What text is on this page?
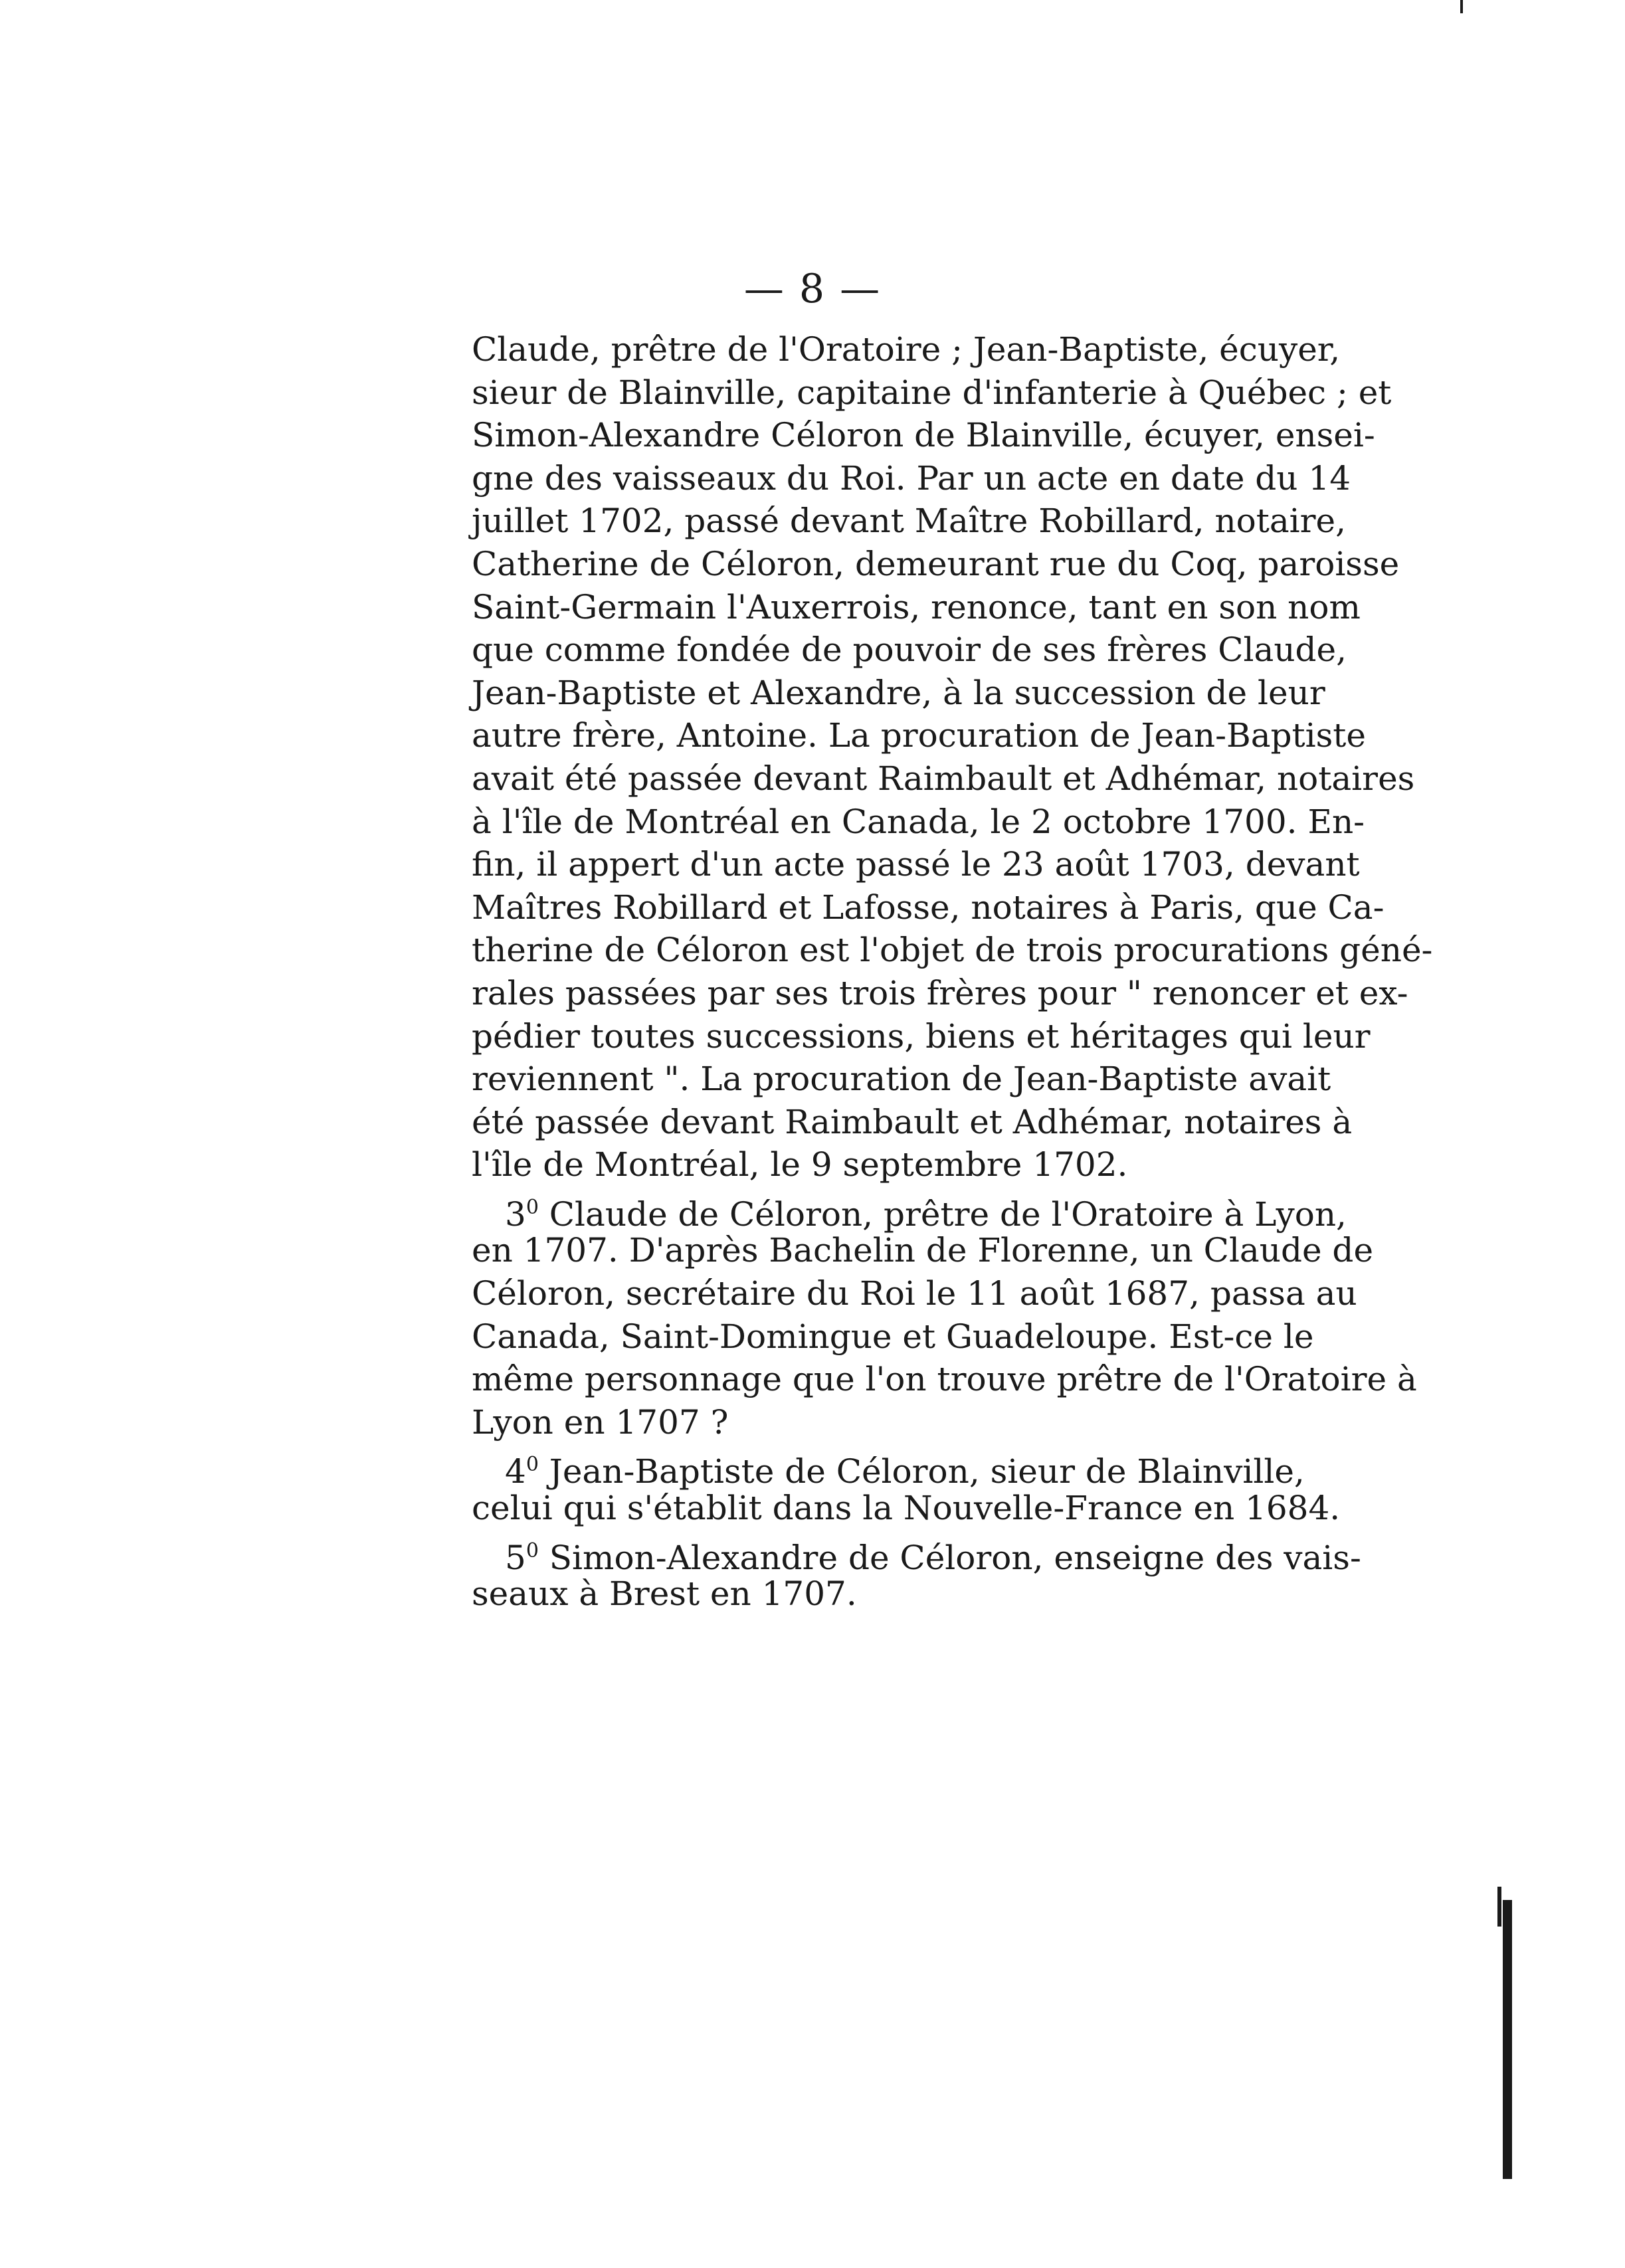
— 8 —
Claude, prêtre de l'Oratoire ; Jean-Baptiste, écuyer,
sieur de Blainville, capitaine d'infanterie à Québec ; et
Simon-Alexandre Céloron de Blainville, écuyer, ensei-
gne des vaisseaux du Roi. Par un acte en date du 14
juillet 1702, passé devant Maître Robillard, notaire,
Catherine de Céloron, demeurant rue du Coq, paroisse
Saint-Germain l'Auxerrois, renonce, tant en son nom
que comme fondée de pouvoir de ses frères Claude,
Jean-Baptiste et Alexandre, à la succession de leur
autre frère, Antoine. La procuration de Jean-Baptiste
avait été passée devant Raimbault et Adhémar, notaires
à l'île de Montréal en Canada, le 2 octobre 1700. En-
fin, il appert d'un acte passé le 23 août 1703, devant
Maîtres Robillard et Lafosse, notaires à Paris, que Ca-
therine de Céloron est l'objet de trois procurations géné-
rales passées par ses trois frères pour " renoncer et ex-
pédier toutes successions, biens et héritages qui leur
reviennent ". La procuration de Jean-Baptiste avait
été passée devant Raimbault et Adhémar, notaires à
l'île de Montréal, le 9 septembre 1702.
$3^0$ Claude de Céloron, prêtre de l'Oratoire à Lyon,
en 1707. D'après Bachelin de Florenne, un Claude de
Céloron, secrétaire du Roi le 11 août 1687, passa au
Canada, Saint-Domingue et Guadeloupe. Est-ce le
même personnage que l'on trouve prêtre de l'Oratoire à
Lyon en 1707 ?
$4^0$ Jean-Baptiste de Céloron, sieur de Blainville,
celui qui s'établit dans la Nouvelle-France en 1684.
$5^0$ Simon-Alexandre de Céloron, enseigne des vais-
seaux à Brest en 1707.
